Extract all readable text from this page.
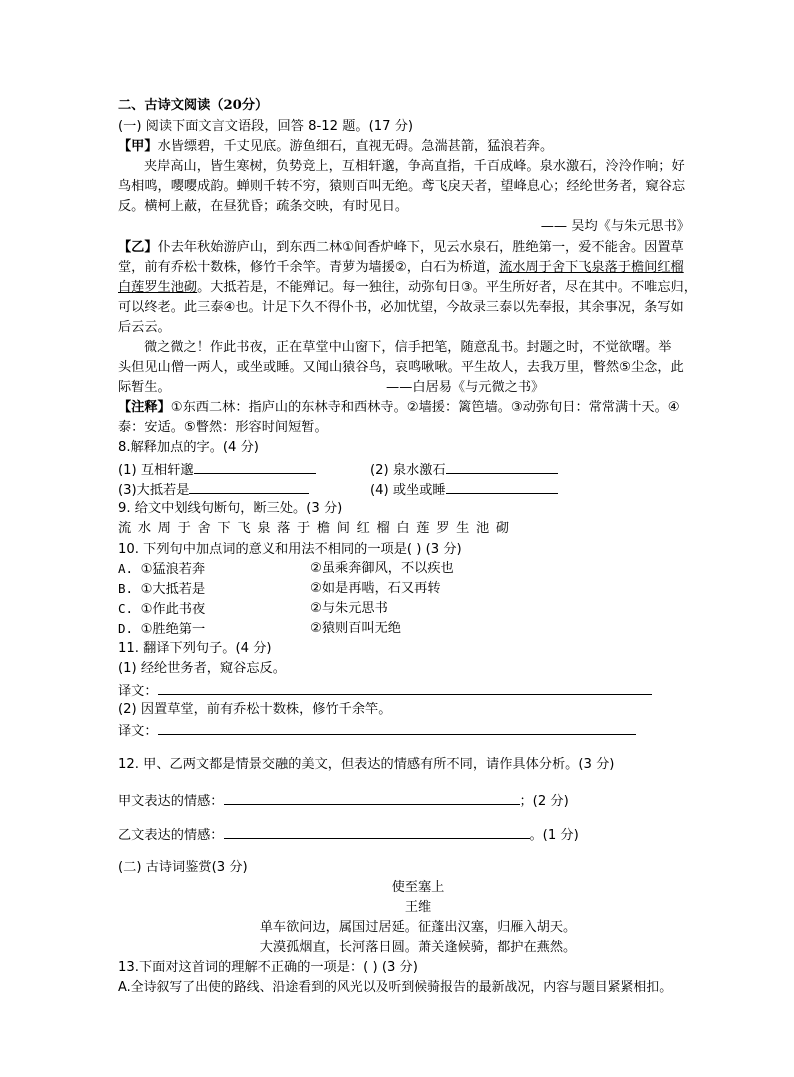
二、古诗文阅读（20分）
(一) 阅读下面文言文语段，回答 8-12 题。(17 分)
【甲】水皆缥碧，千丈见底。游鱼细石，直视无碍。急湍甚箭，猛浪若奔。
夹岸高山，皆生寒树，负势竞上，互相轩邈，争高直指，千百成峰。泉水激石，泠泠作响；好
鸟相鸣，嘤嘤成韵。蝉则千转不穷，猿则百叫无绝。鸢飞戾天者，望峰息心；经纶世务者，窥谷忘
反。横柯上蔽，在昼犹昏；疏条交映，有时见日。
—— 吴均《与朱元思书》
【乙】仆去年秋始游庐山，到东西二林①间香炉峰下，见云水泉石，胜绝第一，爱不能舍。因置草
堂，前有乔松十数株，修竹千余竿。青萝为墙援②，白石为桥道，流水周于舍下飞泉落于檐间红榴
白莲罗生池砌。大抵若是，不能殚记。每一独往，动弥旬日③。平生所好者，尽在其中。不唯忘归，
可以终老。此三泰④也。计足下久不得仆书，必加忧望，今故录三泰以先奉报，其余事况，条写如
后云云。
微之微之！作此书夜，正在草堂中山窗下，信手把笔，随意乱书。封题之时，不觉欲曙。举
头但见山僧一两人，或坐或睡。又闻山猿谷鸟，哀鸣啾啾。平生故人，去我万里，瞥然⑤尘念，此
际暂生。	——白居易《与元微之书》
【注释】①东西二林：指庐山的东林寺和西林寺。②墙援：篱笆墙。③动弥旬日：常常满十天。④
泰：安适。⑤瞥然：形容时间短暂。
8.解释加点的字。(4 分)
(1) 互相轩邈	(2) 泉水激石
(3)大抵若是	(4) 或坐或睡
9. 给文中划线句断句，断三处。(3 分)
流水周于舍下飞泉落于檐间红榴白莲罗生池砌
10. 下列句中加点词的意义和用法不相同的一项是( ) (3 分)
A. ①猛浪若奔	②虽乘奔御风，不以疾也
B. ①大抵若是	②如是再啮，石又再转
C. ①作此书夜	②与朱元思书
D. ①胜绝第一	②猿则百叫无绝
11. 翻译下列句子。(4 分)
(1) 经纶世务者，窥谷忘反。
译文：
(2) 因置草堂，前有乔松十数株，修竹千余竿。
译文：
12. 甲、乙两文都是情景交融的美文，但表达的情感有所不同，请作具体分析。(3 分)
甲文表达的情感：	；(2 分)
乙文表达的情感：	。(1 分)
(二) 古诗词鉴赏(3 分)
使至塞上
王维
单车欲问边，属国过居延。征蓬出汉塞，归雁入胡天。
大漠孤烟直，长河落日圆。萧关逢候骑，都护在燕然。
13.下面对这首词的理解不正确的一项是：( ) (3 分)
A.全诗叙写了出使的路线、沿途看到的风光以及听到候骑报告的最新战况，内容与题目紧紧相扣。
